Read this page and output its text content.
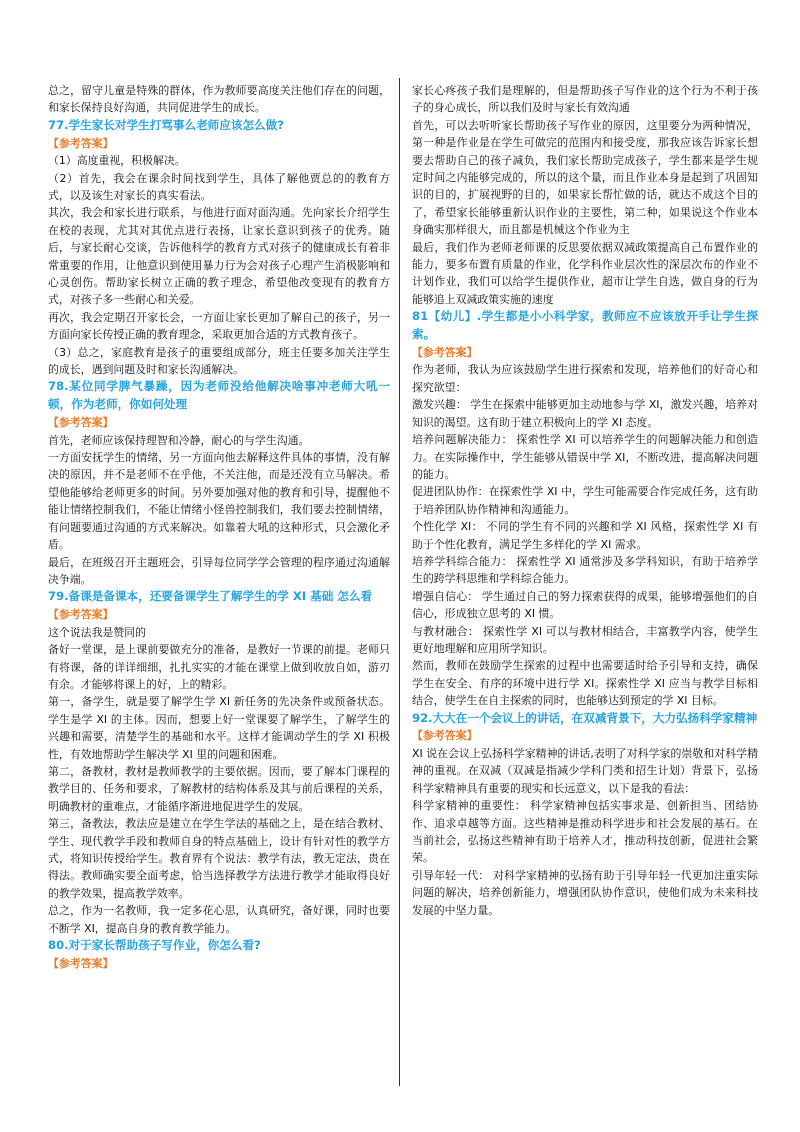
总之，留守儿童是特殊的群体，作为教师要高度关注他们存在的问题，和家长保持良好沟通，共同促进学生的成长。

77.学生家长对学生打骂事么老师应该怎么做?

【参考答案】

（1）高度重视，积极解决。

（2）首先，我会在课余时间找到学生，具体了解他贾总的的教育方式，以及该生对家长的真实看法。

其次，我会和家长进行联系，与他进行面对面沟通。先向家长介绍学生在校的表现，尤其对其优点进行表扬，让家长意识到孩子的优秀。随后，与家长耐心交谈，告诉他科学的教育方式对孩子的健康成长有着非常重要的作用，让他意识到使用暴力行为会对孩子心理产生消极影响和心灵创伤。帮助家长树立正确的教子理念，希望他改变现有的教育方式，对孩子多一些耐心和关爱。

再次，我会定期召开家长会，一方面让家长更加了解自己的孩子，另一方面向家长传授正确的教育理念，采取更加合适的方式教育孩子。

（3）总之，家庭教育是孩子的重要组成部分，班主任要多加关注学生的成长，遇到问题及时和家长沟通解决。

78.某位同学脾气暴躁，因为老师没给他解决啥事冲老师大吼一顿，作为老师，你如何处理

【参考答案】

首先，老师应该保持理智和冷静，耐心的与学生沟通。

一方面安抚学生的情绪，另一方面向他去解释这件具体的事情，没有解决的原因，并不是老师不在乎他，不关注他，而是还没有立马解决。希望他能够给老师更多的时间。另外要加强对他的教育和引导，提醒他不能让情绪控制我们，不能让情绪小怪兽控制我们，我们要去控制情绪，有问题要通过沟通的方式来解决。如靠着大吼的这种形式，只会激化矛盾。

最后，在班级召开主题班会，引导每位同学学会管理的程序通过沟通解决争端。

79.备课是备课本，还要备课学生了解学生的学 XI 基础 怎么看

【参考答案】

这个说法我是赞同的

备好一堂课，是上课前要做充分的准备，是教好一节课的前提。老师只有将课，备的详详细细，扎扎实实的才能在课堂上做到收放自如，游刃有余。才能够将课上的好，上的精彩。

第一，备学生，就是要了解学生学 XI 新任务的先决条件或预备状态。学生是学 XI 的主体。因而，想要上好一堂课要了解学生，了解学生的兴趣和需要，清楚学生的基础和水平。这样才能调动学生的学 XI 积极性，有效地帮助学生解决学 XI 里的问题和困难。

第二，备教材，教材是教师教学的主要依据。因而，要了解本门课程的教学目的、任务和要求，了解教材的结构体系及其与前后课程的关系，明确教材的重难点，才能循序渐进地促进学生的发展。

第三，备教法，教法应是建立在学生学法的基础之上，是在结合教材、学生、现代教学手段和教师自身的特点基础上，设计有针对性的教学方式，将知识传授给学生。教育界有个说法：教学有法，教无定法，贵在得法。教师确实要全面考虑，恰当选择教学方法进行教学才能取得良好的教学效果，提高教学效率。

总之，作为一名教师，我一定多花心思，认真研究，备好课，同时也要不断学 XI，提高自身的教育教学能力。

80.对于家长帮助孩子写作业，你怎么看?

【参考答案】

家长心疼孩子我们是理解的，但是帮助孩子写作业的这个行为不利于孩子的身心成长，所以我们及时与家长有效沟通

首先，可以去听听家长帮助孩子写作业的原因，这里要分为两种情况，第一种是作业是在学生可做完的范围内和接受度，那我应该告诉家长想要去帮助自己的孩子减负，我们家长帮助完成孩子，学生都来是学生规定时间之内能够完成的，所以的这个量，而且作业本身是起到了巩固知识的目的，扩展视野的目的，如果家长帮忙做的话，就达不成这个目的了，希望家长能够重新认识作业的主要性，第二种，如果说这个作业本身确实那样很大，而且都是机械这个作业为主

最后，我们作为老师老师课的反思要依据双减政策提高自己布置作业的能力，要多布置有质量的作业，化学科作业层次性的深层次布的作业不计划作业，我们可以给学生提供作业，超市让学生自选，做自身的行为能够追上双减政策实施的速度

81【幼儿】.学生都是小小科学家，教师应不应该放开手让学生探索。

【参考答案】

作为老师，我认为应该鼓励学生进行探索和发现，培养他们的好奇心和探究欲望：

激发兴趣： 学生在探索中能够更加主动地参与学 XI，激发兴趣，培养对知识的渴望。这有助于建立积极向上的学 XI 态度。

培养问题解决能力： 探索性学 XI 可以培养学生的问题解决能力和创造力。在实际操作中，学生能够从错误中学 XI，不断改进，提高解决问题的能力。

促进团队协作：在探索性学 XI 中，学生可能需要合作完成任务，这有助于培养团队协作精神和沟通能力。

个性化学 XI： 不同的学生有不同的兴趣和学 XI 风格，探索性学 XI 有助于个性化教育，满足学生多样化的学 XI 需求。

培养学科综合能力： 探索性学 XI 通常涉及多学科知识，有助于培养学生的跨学科思维和学科综合能力。

增强自信心： 学生通过自己的努力探索获得的成果，能够增强他们的自信心，形成独立思考的 XI 惯。

与教材融合： 探索性学 XI 可以与教材相结合，丰富教学内容，使学生更好地理解和应用所学知识。

然而，教师在鼓励学生探索的过程中也需要适时给予引导和支持，确保学生在安全、有序的环境中进行学 XI。探索性学 XI 应当与教学目标相结合，使学生在自主探索的同时，也能够达到预定的学 XI 目标。

92.大大在一个会议上的讲话，在双减背景下，大力弘扬科学家精神

【参考答案】

XI 说在会议上弘扬科学家精神的讲话,表明了对科学家的崇敬和对科学精神的重视。在双减（双减是指减少学科门类和招生计划）背景下，弘扬科学家精神具有重要的现实和长远意义，以下是我的看法：

科学家精神的重要性： 科学家精神包括实事求是、创新担当、团结协作、追求卓越等方面。这些精神是推动科学进步和社会发展的基石。在当前社会，弘扬这些精神有助于培养人才，推动科技创新，促进社会繁荣。

引导年轻一代： 对科学家精神的弘扬有助于引导年轻一代更加注重实际问题的解决，培养创新能力，增强团队协作意识，使他们成为未来科技发展的中坚力量。
